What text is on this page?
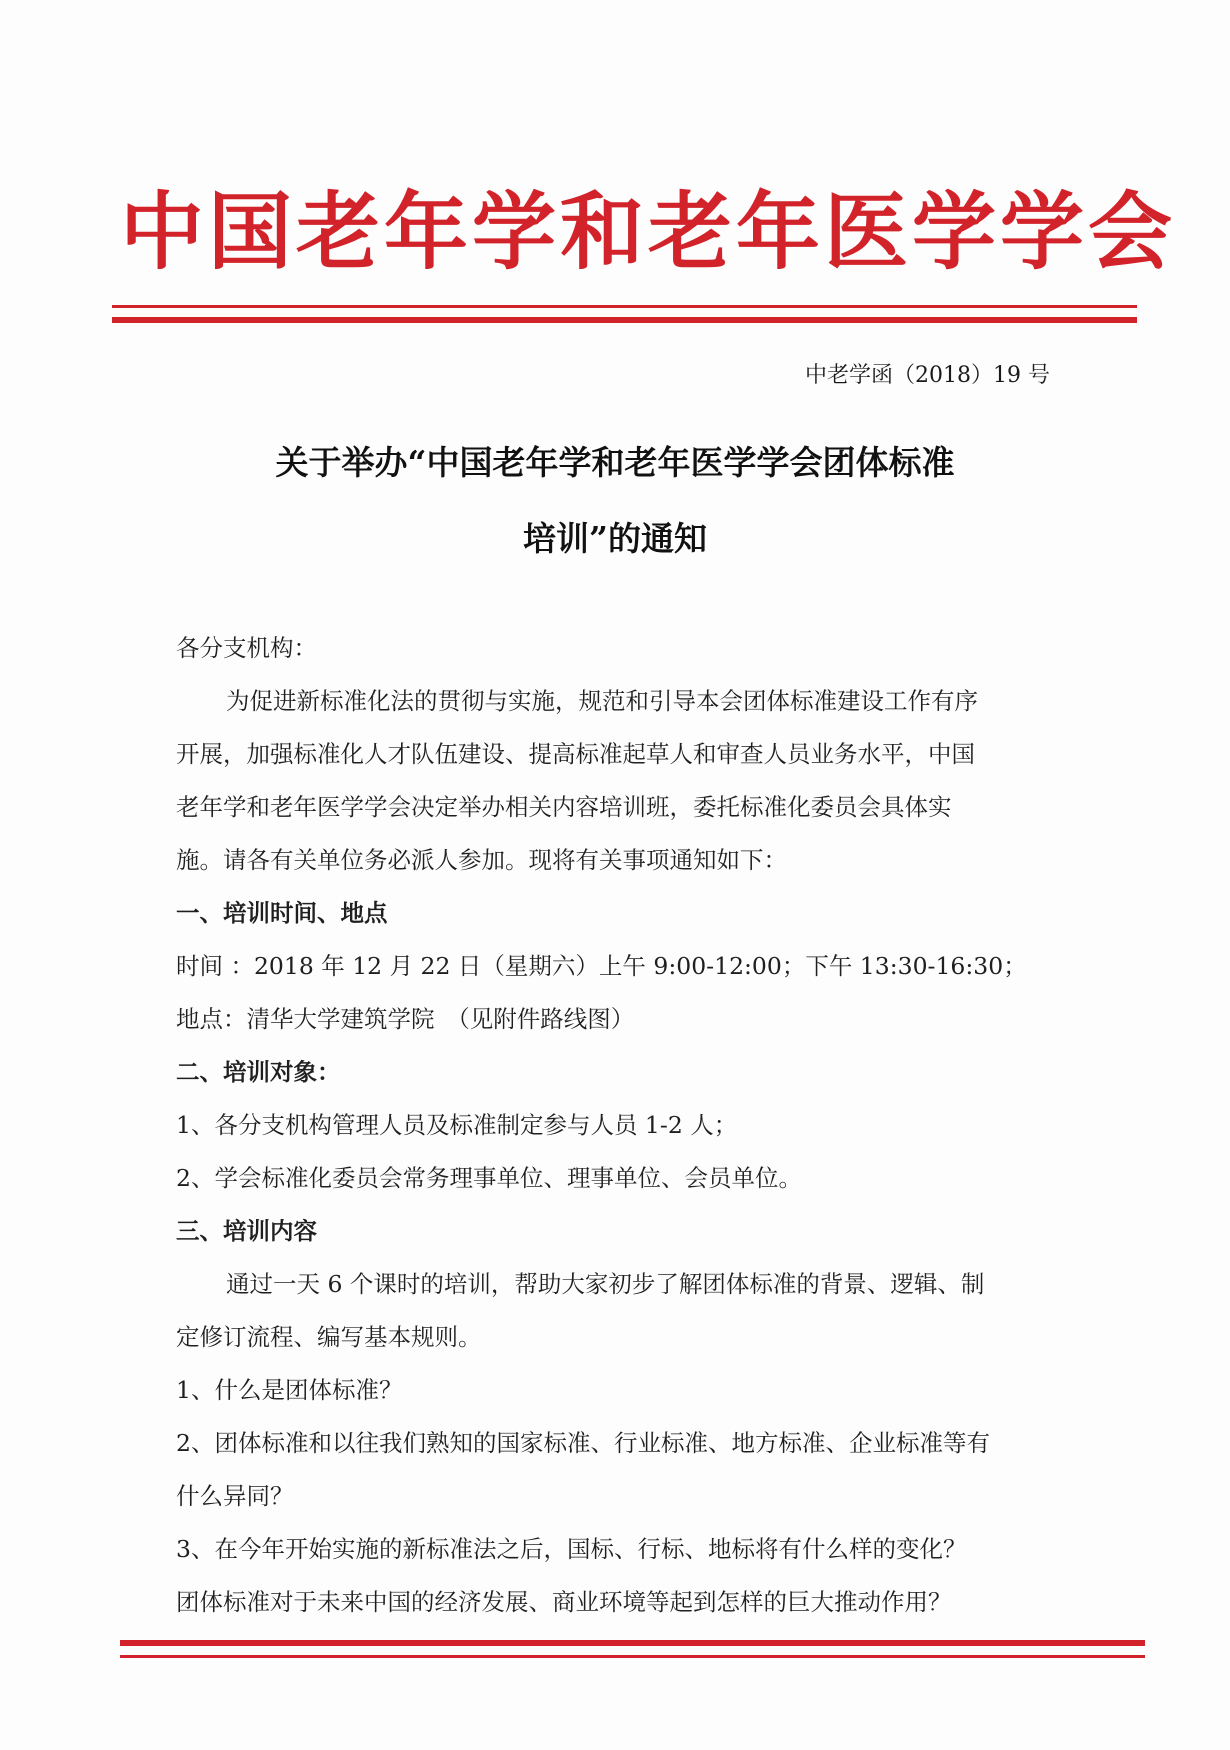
中国老年学和老年医学学会
中老学函（2018）19 号
关于举办“中国老年学和老年医学学会团体标准
培训”的通知
各分支机构：
为促进新标准化法的贯彻与实施，规范和引导本会团体标准建设工作有序
开展，加强标准化人才队伍建设、提高标准起草人和审查人员业务水平，中国
老年学和老年医学学会决定举办相关内容培训班，委托标准化委员会具体实
施。请各有关单位务必派人参加。现将有关事项通知如下：
一、培训时间、地点
时间 ：2018 年 12 月 22 日（星期六）上午 9:00-12:00；下午 13:30-16:30；
地点：清华大学建筑学院　（见附件路线图）
二、培训对象：
1、各分支机构管理人员及标准制定参与人员 1-2 人；
2、学会标准化委员会常务理事单位、理事单位、会员单位。
三、培训内容
通过一天 6 个课时的培训，帮助大家初步了解团体标准的背景、逻辑、制
定修订流程、编写基本规则。
1、什么是团体标准？
2、团体标准和以往我们熟知的国家标准、行业标准、地方标准、企业标准等有
什么异同？
3、在今年开始实施的新标准法之后，国标、行标、地标将有什么样的变化？
团体标准对于未来中国的经济发展、商业环境等起到怎样的巨大推动作用？
